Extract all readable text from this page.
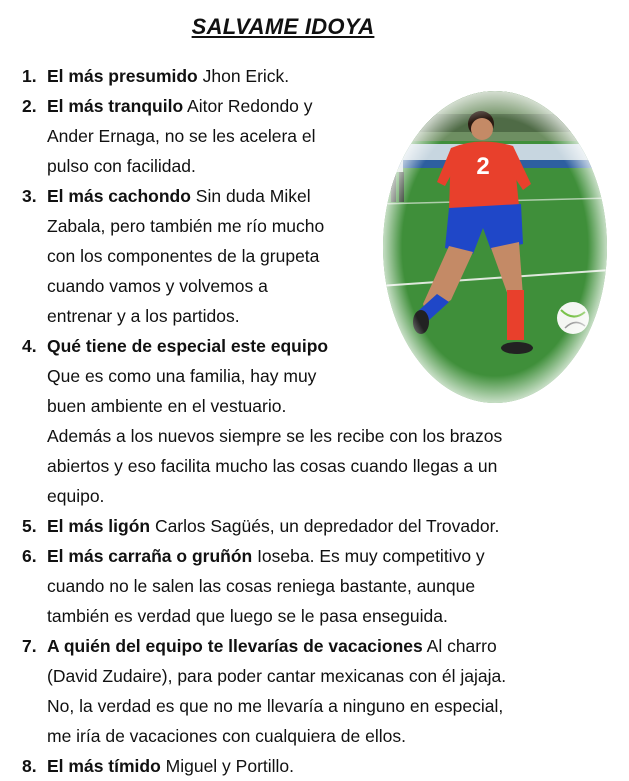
SALVAME IDOYA
1. El más presumido Jhon Erick.
2. El más tranquilo Aitor Redondo y
Ander Ernaga, no se les acelera el
pulso con facilidad.
3. El más cachondo Sin duda Mikel
Zabala, pero también me río mucho
con los componentes de la grupeta
cuando vamos y volvemos a
entrenar y a los partidos.
4. Qué tiene de especial este equipo
Que es como una familia, hay muy
buen ambiente en el vestuario.
Además a los nuevos siempre se les recibe con los brazos
abiertos y eso facilita mucho las cosas cuando llegas a un
equipo.
5. El más ligón Carlos Sagüés, un depredador del Trovador.
6. El más carraña o gruñón Ioseba. Es muy competitivo y
cuando no le salen las cosas reniega bastante, aunque
también es verdad que luego se le pasa enseguida.
7. A quién del equipo te llevarías de vacaciones Al charro
(David Zudaire), para poder cantar mexicanas con él jajaja.
No, la verdad es que no me llevaría a ninguno en especial,
me iría de vacaciones con cualquiera de ellos.
8. El más tímido Miguel y Portillo.
